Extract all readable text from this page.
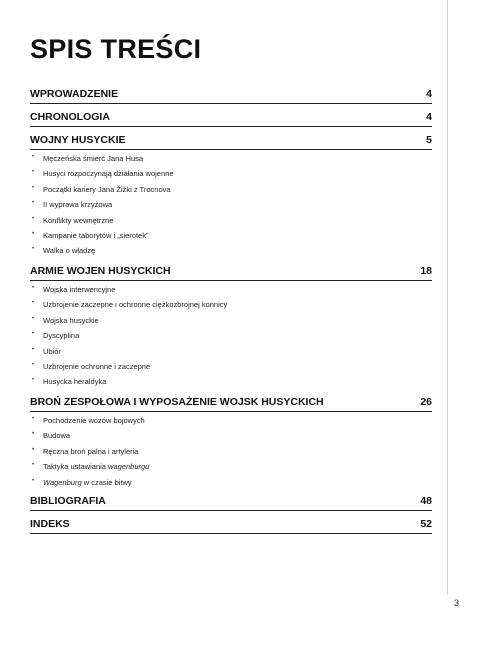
SPIS TREŚCI
WPROWADZENIE	4
CHRONOLOGIA	4
WOJNY HUSYCKIE	5
• Męczeńska śmierć Jana Husa
• Husyci rozpoczynają działania wojenne
• Początki kariery Jana Žižki z Trocnova
• II wyprawa krzyżowa
• Konflikty wewnętrzne
• Kampanie taborytów i „sierotek”
• Walka o władzę
ARMIE WOJEN HUSYCKICH	18
• Wojska interwencyjne
• Uzbrojenie zaczepne i ochronne ciężkozbrojnej konnicy
• Wojska husyckie
• Dyscyplina
• Ubiór
• Uzbrojenie ochronne i zaczepne
• Husycka heraldyka
BROŃ ZESPOŁOWA I WYPOSAŻENIE WOJSK HUSYCKICH	26
• Pochodzenie wozów bojowych
• Budowa
• Ręczna broń palna i artyleria
• Taktyka ustawiania wagenburgu
• Wagenburg w czasie bitwy
BIBLIOGRAFIA	48
INDEKS	52
3
